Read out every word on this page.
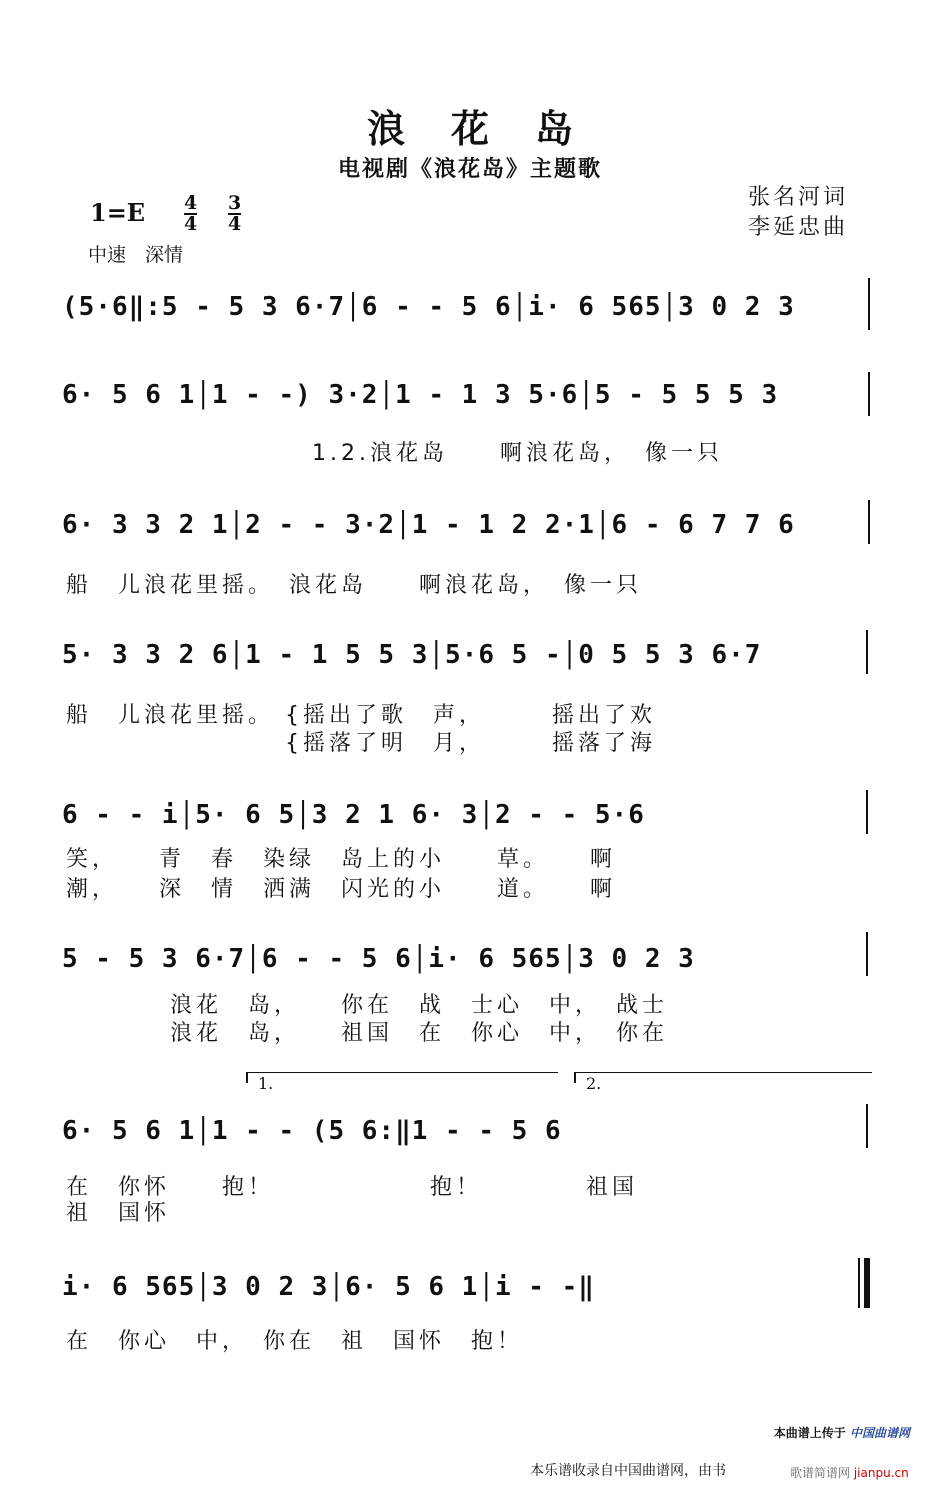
浪花岛
电视剧《浪花岛》主题歌
张名河词
李延忠曲
1=E 4
4
3
4
中速　深情
(5·6‖:5 - 5 3 6·7│6 - - 5 6│i· 6 565│3 0 2 3
6· 5 6 1│1 - -) 3·2│1 - 1 3 5·6│5 - 5 5 5 3
1.2.浪花岛　　啊浪花岛，　像一只
6· 3 3 2 1│2 - - 3·2│1 - 1 2 2·1│6 - 6 7 7 6
船　儿浪花里摇。　浪花岛　　啊浪花岛，　像一只
5· 3 3 2 6│1 - 1 5 5 3│5·6 5 -│0 5 5 3 6·7
船　儿浪花里摇。 {摇出了歌　声，　　　摇出了欢
　　　　　　　　 {摇落了明　月，　　　摇落了海
6 - - i│5· 6 5│3 2 1 6· 3│2 - - 5·6
笑，　　青　春　染绿　岛上的小　　草。　　啊
潮，　　深　情　洒满　闪光的小　　道。　　啊
5 - 5 3 6·7│6 - - 5 6│i· 6 565│3 0 2 3
　　　　浪花　岛，　　你在　战　士心　中，　战士
　　　　浪花　岛，　　祖国　在　你心　中，　你在
1.	2.
6· 5 6 1│1 - - (5 6:‖1 - - 5 6
在　你怀　　抱！　　　　　　抱！　　　　祖国
祖　国怀
i· 6 565│3 0 2 3│6· 5 6 1│i - -‖
在　你心　中，　你在　祖　国怀　抱！
本曲谱上传于 中国曲谱网
本乐谱收录自中国曲谱网，由书	歌谱简谱网 jianpu.cn
